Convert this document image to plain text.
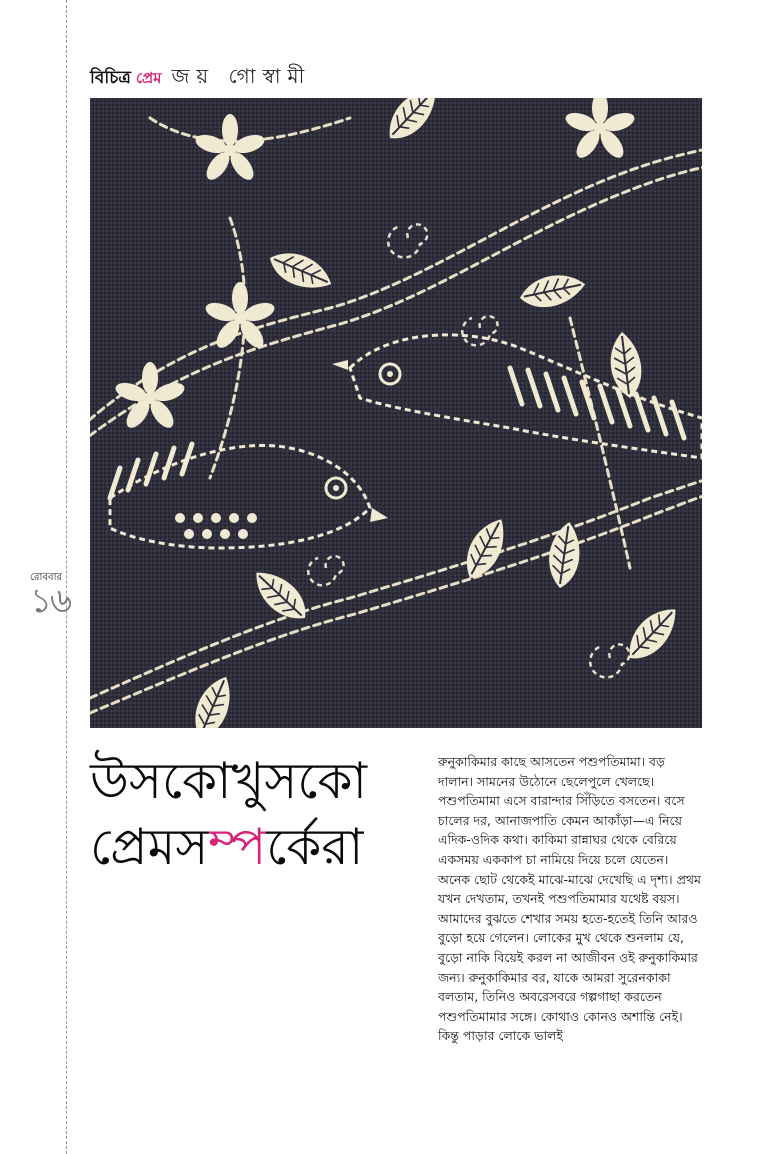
বিচিত্র প্রেম জয় গোস্বামী
রোববার
১৬
উসকোখুসকো
প্রেমসম্পর্কেরা

রুনুকাকিমার কাছে আসতেন পশুপতিমামা। বড় দালান। সামনের উঠোনে ছেলেপুলে খেলছে। পশুপতিমামা এসে বারান্দার সিঁড়িতে বসতেন। বসে চালের দর, আনাজপাতি কেমন আকাঁড়া—এ নিয়ে এদিক-ওদিক কথা। কাকিমা রান্নাঘর থেকে বেরিয়ে একসময় এককাপ চা নামিয়ে দিয়ে চলে যেতেন। অনেক ছোট থেকেই মাঝে-মাঝে দেখেছি এ দৃশ্য। প্রথম যখন দেখতাম, তখনই পশুপতিমামার যথেষ্ট বয়স। আমাদের বুঝতে শেখার সময় হতে-হতেই তিনি আরও বুড়ো হয়ে গেলেন। লোকের মুখ থেকে শুনলাম যে, বুড়ো নাকি বিয়েই করল না আজীবন ওই রুনুকাকিমার জন্য। রুনুকাকিমার বর, যাকে আমরা সুরেনকাকা বলতাম, তিনিও অবরেসবরে গল্পগাছা করতেন পশুপতিমামার সঙ্গে। কোথাও কোনও অশান্তি নেই। কিন্তু পাড়ার লোকে ভালই
